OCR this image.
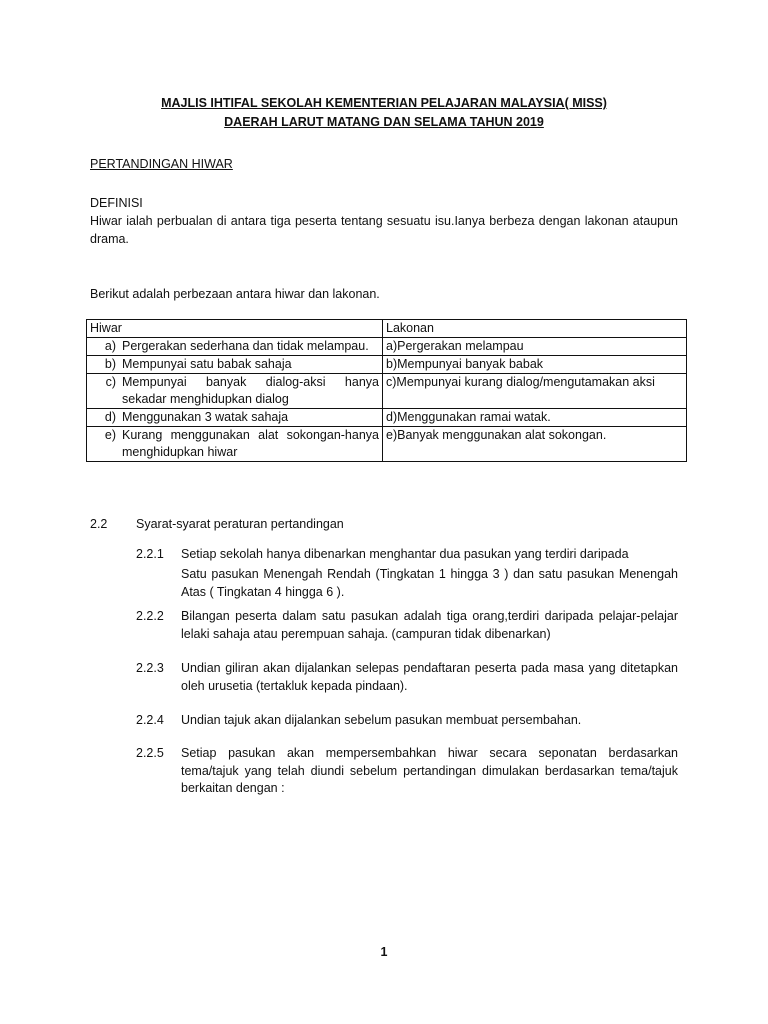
MAJLIS IHTIFAL SEKOLAH KEMENTERIAN PELAJARAN MALAYSIA( MISS)
DAERAH LARUT MATANG DAN SELAMA TAHUN 2019
PERTANDINGAN HIWAR
DEFINISI
Hiwar ialah perbualan di antara tiga peserta tentang sesuatu isu.Ianya berbeza dengan lakonan ataupun drama.
Berikut adalah perbezaan antara hiwar dan lakonan.
Hiwar	Lakonan

a) Pergerakan sederhana dan tidak melampau.	a)Pergerakan melampau

b) Mempunyai satu babak sahaja	b)Mempunyai banyak babak

c) Mempunyai banyak dialog-aksi hanya sekadar menghidupkan dialog	c)Mempunyai kurang dialog/mengutamakan aksi

d) Menggunakan 3 watak sahaja	d)Menggunakan ramai watak.

e) Kurang menggunakan alat sokongan-hanya menghidupkan hiwar	e)Banyak menggunakan alat sokongan.
2.2 Syarat-syarat peraturan pertandingan
2.2.1 Setiap sekolah hanya dibenarkan menghantar dua pasukan yang terdiri daripada
Satu pasukan Menengah Rendah (Tingkatan 1 hingga 3 ) dan satu pasukan Menengah Atas ( Tingkatan 4 hingga 6 ).
2.2.2 Bilangan peserta dalam satu pasukan adalah tiga orang,terdiri daripada pelajar-pelajar lelaki sahaja atau perempuan sahaja. (campuran tidak dibenarkan)
2.2.3 Undian giliran akan dijalankan selepas pendaftaran peserta pada masa yang ditetapkan oleh urusetia (tertakluk kepada pindaan).
2.2.4 Undian tajuk akan dijalankan sebelum pasukan membuat persembahan.
2.2.5 Setiap pasukan akan mempersembahkan hiwar secara seponatan berdasarkan tema/tajuk yang telah diundi sebelum pertandingan dimulakan berdasarkan tema/tajuk berkaitan dengan :
1
